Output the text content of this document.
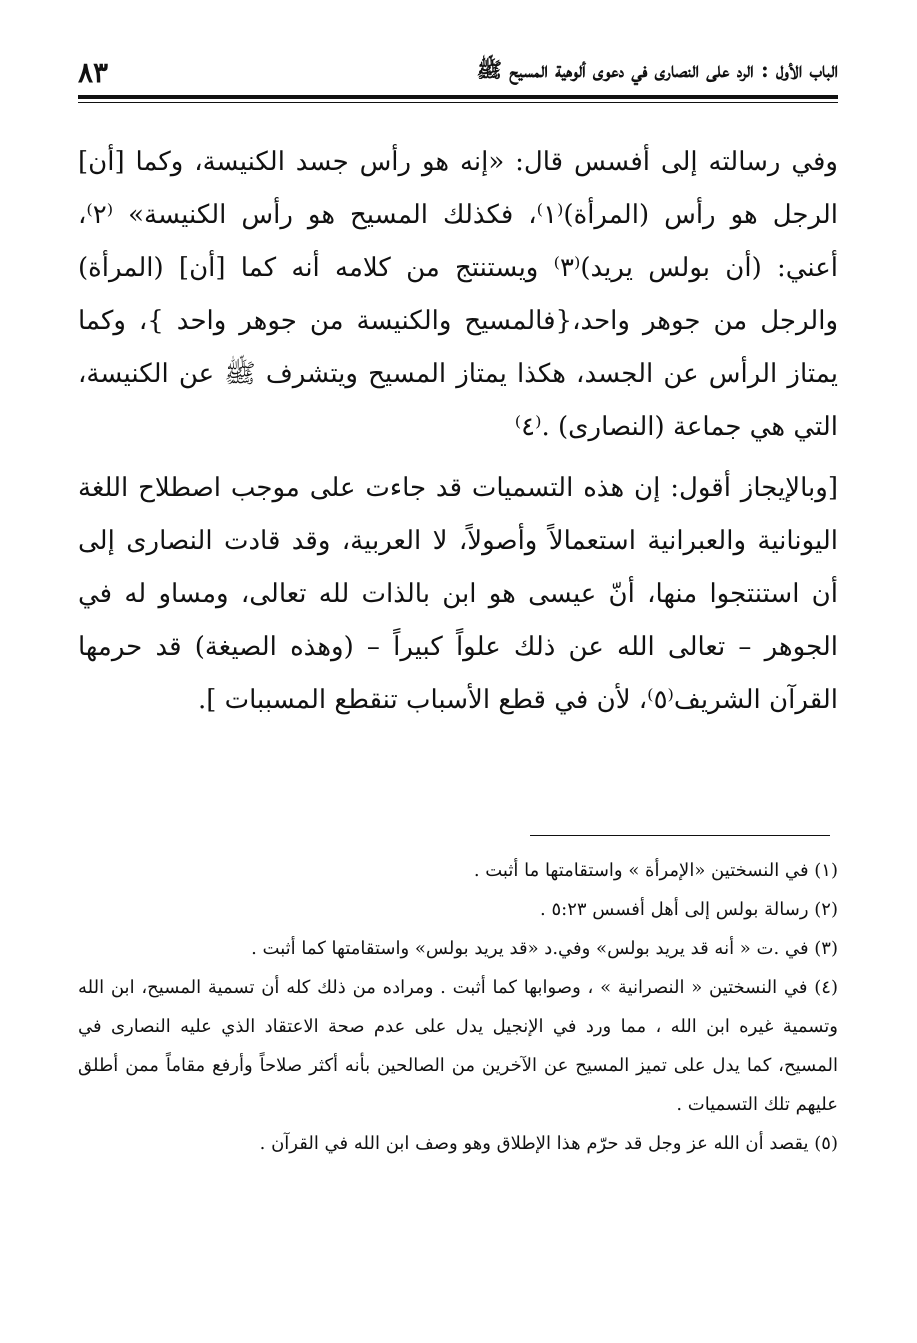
٨٣	الباب الأول : الرد على النصارى في دعوى ألوهية المسيح ﷺ

وفي رسالته إلى أفسس قال: «إنه هو رأس جسد الكنيسة، وكما [أن] الرجل هو رأس (المرأة)⁽١⁾، فكذلك المسيح هو رأس الكنيسة» ⁽٢⁾، أعني: (أن بولس يريد)⁽٣⁾ ويستنتج من كلامه أنه كما [أن] (المرأة) والرجل من جوهر واحد،{فالمسيح والكنيسة من جوهر واحد }، وكما يمتاز الرأس عن الجسد، هكذا يمتاز المسيح ويتشرف ﷺ عن الكنيسة، التي هي جماعة (النصارى) .⁽٤⁾

[وبالإيجاز أقول: إن هذه التسميات قد جاءت على موجب اصطلاح اللغة اليونانية والعبرانية استعمالاً وأصولاً، لا العربية، وقد قادت النصارى إلى أن استنتجوا منها، أنّ عيسى هو ابن بالذات لله تعالى، ومساو له في الجوهر – تعالى الله عن ذلك علواً كبيراً – (وهذه الصيغة) قد حرمها القرآن الشريف⁽٥⁾، لأن في قطع الأسباب تنقطع المسببات ].

(١) في النسختين «الإمرأة » واستقامتها ما أثبت .

(٢) رسالة بولس إلى أهل أفسس ٥:٢٣ .

(٣) في .ت « أنه قد يريد بولس» وفي.د «قد يريد بولس» واستقامتها كما أثبت .

(٤) في النسختين « النصرانية » ، وصوابها كما أثبت . ومراده من ذلك كله أن تسمية المسيح، ابن الله وتسمية غيره ابن الله ، مما ورد في الإنجيل يدل على عدم صحة الاعتقاد الذي عليه النصارى في المسيح، كما يدل على تميز المسيح عن الآخرين من الصالحين بأنه أكثر صلاحاً وأرفع مقاماً ممن أطلق عليهم تلك التسميات .

(٥) يقصد أن الله عز وجل قد حرّم هذا الإطلاق وهو وصف ابن الله في القرآن .
